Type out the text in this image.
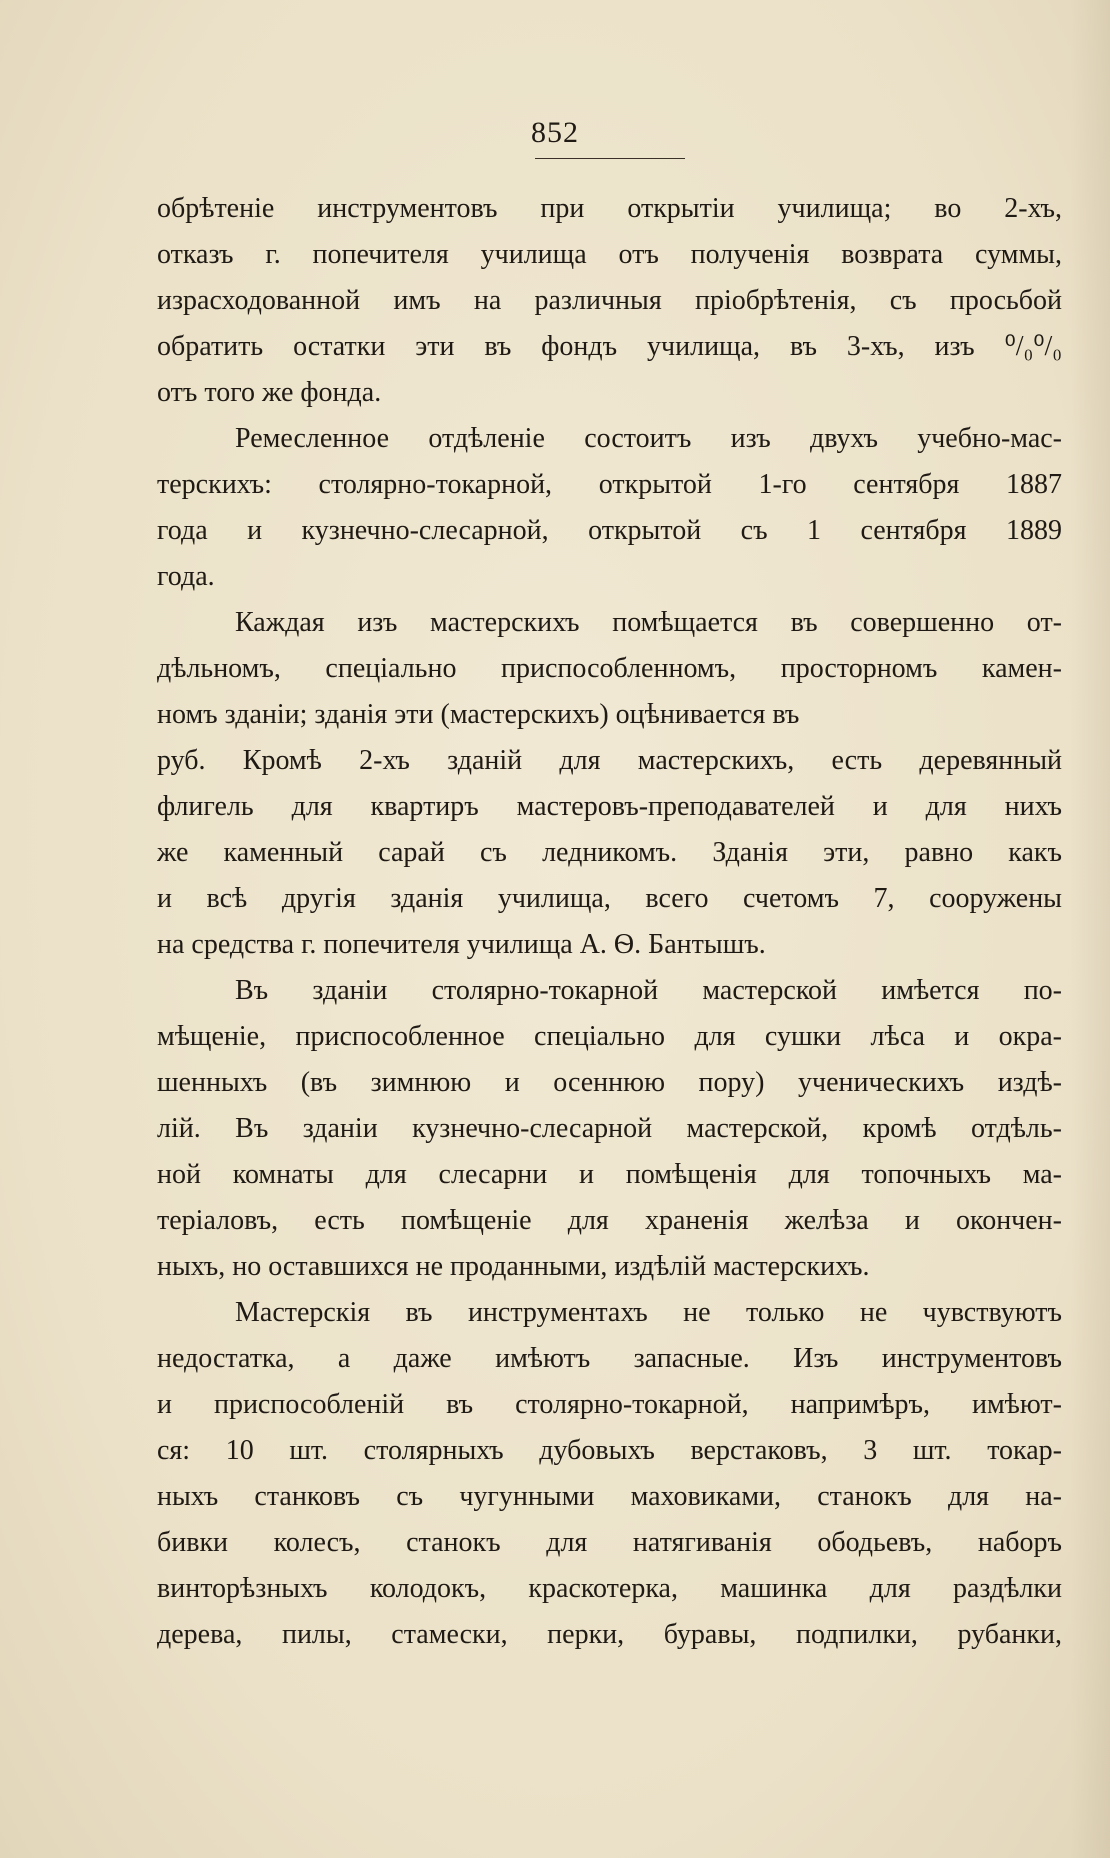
852
обрѣтеніе инструментовъ при открытіи училища; во 2-хъ,
отказъ г. попечителя училища отъ полученія возврата суммы,
израсходованной имъ на различныя пріобрѣтенія, съ просьбой
обратить остатки эти въ фондъ училища, въ 3-хъ, изъ ⁰/₀⁰/₀
отъ того же фонда.
Ремесленное отдѣленіе состоитъ изъ двухъ учебно-мас-
терскихъ: столярно-токарной, открытой 1-го сентября 1887
года и кузнечно-слесарной, открытой съ 1 сентября 1889
года.
Каждая изъ мастерскихъ помѣщается въ совершенно от-
дѣльномъ, спеціально приспособленномъ, просторномъ камен-
номъ зданіи; зданія эти (мастерскихъ) оцѣнивается въ
руб. Кромѣ 2-хъ зданій для мастерскихъ, есть деревянный
флигель для квартиръ мастеровъ-преподавателей и для нихъ
же каменный сарай съ ледникомъ. Зданія эти, равно какъ
и всѣ другія зданія училища, всего счетомъ 7, сооружены
на средства г. попечителя училища А. Ѳ. Бантышъ.
Въ зданіи столярно-токарной мастерской имѣется по-
мѣщеніе, приспособленное спеціально для сушки лѣса и окра-
шенныхъ (въ зимнюю и осеннюю пору) ученическихъ издѣ-
лій. Въ зданіи кузнечно-слесарной мастерской, кромѣ отдѣль-
ной комнаты для слесарни и помѣщенія для топочныхъ ма-
теріаловъ, есть помѣщеніе для храненія желѣза и окончен-
ныхъ, но оставшихся не проданными, издѣлій мастерскихъ.
Мастерскія въ инструментахъ не только не чувствуютъ
недостатка, а даже имѣютъ запасные. Изъ инструментовъ
и приспособленій въ столярно-токарной, напримѣръ, имѣют-
ся: 10 шт. столярныхъ дубовыхъ верстаковъ, 3 шт. токар-
ныхъ станковъ съ чугунными маховиками, станокъ для на-
бивки колесъ, станокъ для натягиванія ободьевъ, наборъ
винторѣзныхъ колодокъ, краскотерка, машинка для раздѣлки
дерева, пилы, стамески, перки, буравы, подпилки, рубанки,
